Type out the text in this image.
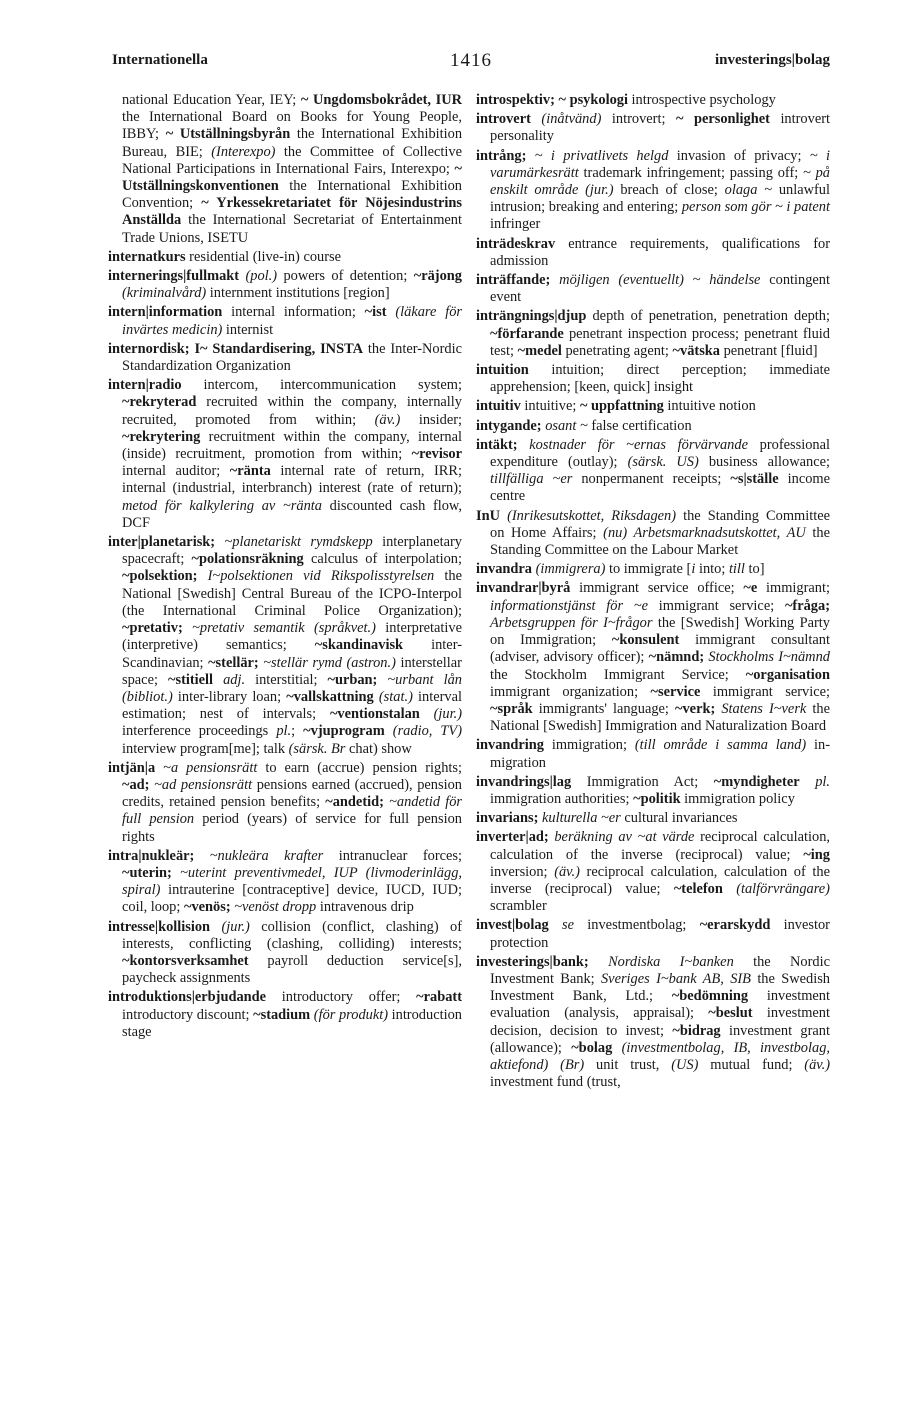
Internationella	1416	investerings|bolag

national Education Year, IEY; ~ Ungdomsbokrådet, IUR the International Board on Books for Young People, IBBY; ~ Utställningsbyrån the International Exhibition Bureau, BIE; (Interexpo) the Committee of Collective National Participations in International Fairs, Interexpo; ~ Utställningskonventionen the International Exhibition Convention; ~ Yrkessekretariatet för Nöjesindustrins Anställda the International Secretariat of Entertainment Trade Unions, ISETU

internatkurs residential (live-in) course

internerings|fullmakt (pol.) powers of detention; ~räjong (kriminalvård) internment institutions [region]

intern|information internal information; ~ist (läkare för invärtes medicin) internist

internordisk; I~ Standardisering, INSTA the Inter-Nordic Standardization Organization

intern|radio intercom, intercommunication system; ~rekryterad recruited within the company, internally recruited, promoted from within; (äv.) insider; ~rekrytering recruitment within the company, internal (inside) recruitment, promotion from within; ~revisor internal auditor; ~ränta internal rate of return, IRR; internal (industrial, interbranch) interest (rate of return); metod för kalkylering av ~ränta discounted cash flow, DCF

inter|planetarisk; ~planetariskt rymdskepp interplanetary spacecraft; ~polationsräkning calculus of interpolation; ~polsektion; I~polsektionen vid Rikspolisstyrelsen the National [Swedish] Central Bureau of the ICPO-Interpol (the International Criminal Police Organization); ~pretativ; ~pretativ semantik (språkvet.) interpretative (interpretive) semantics; ~skandinavisk inter-Scandinavian; ~stellär; ~stellär rymd (astron.) interstellar space; ~stitiell adj. interstitial; ~urban; ~urbant lån (bibliot.) inter-library loan; ~vallskattning (stat.) interval estimation; nest of intervals; ~ventionstalan (jur.) interference proceedings pl.; ~vjuprogram (radio, TV) interview program[me]; talk (särsk. Br chat) show

intjän|a ~a pensionsrätt to earn (accrue) pension rights; ~ad; ~ad pensionsrätt pensions earned (accrued), pension credits, retained pension benefits; ~andetid; ~andetid för full pension period (years) of service for full pension rights

intra|nukleär; ~nukleära krafter intranuclear forces; ~uterin; ~uterint preventivmedel, IUP (livmoderinlägg, spiral) intrauterine [contraceptive] device, IUCD, IUD; coil, loop; ~venös; ~venöst dropp intravenous drip

intresse|kollision (jur.) collision (conflict, clashing) of interests, conflicting (clashing, colliding) interests; ~kontorsverksamhet payroll deduction service[s], paycheck assignments

introduktions|erbjudande introductory offer; ~rabatt introductory discount; ~stadium (för produkt) introduction stage

introspektiv; ~ psykologi introspective psychology

introvert (inåtvänd) introvert; ~ personlighet introvert personality

intrång; ~ i privatlivets helgd invasion of privacy; ~ i varumärkesrätt trademark infringement; passing off; ~ på enskilt område (jur.) breach of close; olaga ~ unlawful intrusion; breaking and entering; person som gör ~ i patent infringer

inträdeskrav entrance requirements, qualifications for admission

inträffande; möjligen (eventuellt) ~ händelse contingent event

inträngnings|djup depth of penetration, penetration depth; ~förfarande penetrant inspection process; penetrant fluid test; ~medel penetrating agent; ~vätska penetrant [fluid]

intuition intuition; direct perception; immediate apprehension; [keen, quick] insight

intuitiv intuitive; ~ uppfattning intuitive notion

intygande; osant ~ false certification

intäkt; kostnader för ~ernas förvärvande professional expenditure (outlay); (särsk. US) business allowance; tillfälliga ~er nonpermanent receipts; ~s|ställe income centre

InU (Inrikesutskottet, Riksdagen) the Standing Committee on Home Affairs; (nu) Arbetsmarknadsutskottet, AU the Standing Committee on the Labour Market

invandra (immigrera) to immigrate [i into; till to]

invandrar|byrå immigrant service office; ~e immigrant; informationstjänst för ~e immigrant service; ~fråga; Arbetsgruppen för I~frågor the [Swedish] Working Party on Immigration; ~konsulent immigrant consultant (adviser, advisory officer); ~nämnd; Stockholms I~nämnd the Stockholm Immigrant Service; ~organisation immigrant organization; ~service immigrant service; ~språk immigrants' language; ~verk; Statens I~verk the National [Swedish] Immigration and Naturalization Board

invandring immigration; (till område i samma land) in-migration

invandrings|lag Immigration Act; ~myndigheter pl. immigration authorities; ~politik immigration policy

invarians; kulturella ~er cultural invariances

inverter|ad; beräkning av ~at värde reciprocal calculation, calculation of the inverse (reciprocal) value; ~ing inversion; (äv.) reciprocal calculation, calculation of the inverse (reciprocal) value; ~telefon (talförvrängare) scrambler

invest|bolag se investmentbolag; ~erarskydd investor protection

investerings|bank; Nordiska I~banken the Nordic Investment Bank; Sveriges I~bank AB, SIB the Swedish Investment Bank, Ltd.; ~bedömning investment evaluation (analysis, appraisal); ~beslut investment decision, decision to invest; ~bidrag investment grant (allowance); ~bolag (investmentbolag, IB, investbolag, aktiefond) (Br) unit trust, (US) mutual fund; (äv.) investment fund (trust,
